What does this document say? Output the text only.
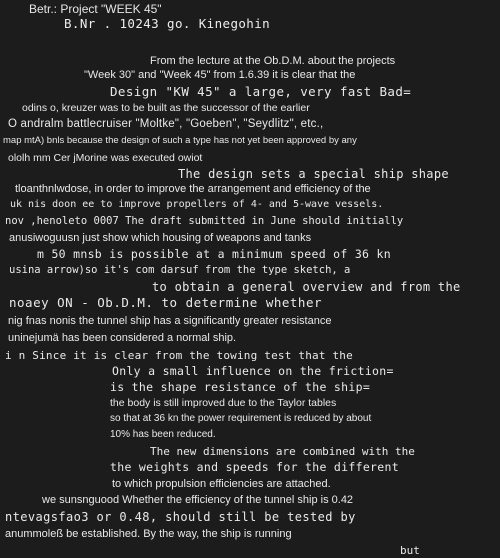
Betr.: Project "WEEK 45"
B.Nr . 10243 go. Kinegohin
From the lecture at the Ob.D.M. about the projects
"Week 30" and "Week 45" from 1.6.39 it is clear that the
Design "KW 45" a large, very fast Bad=
odins o, kreuzer was to be built as the successor of the earlier
O andralm battlecruiser "Moltke", "Goeben", "Seydlitz", etc.,
map mtA) bnls because the design of such a type has not yet been approved by any
ololh mm Cer jMorine was executed owiot
The design sets a special ship shape
tloanthnlwdose, in order to improve the arrangement and efficiency of the
uk nis doon ee to improve propellers of 4- and 5-wave vessels.
nov ,henoleto 0007 The draft submitted in June should initially
anusiwoguusn just show which housing of weapons and tanks
m 50 mnsb is possible at a minimum speed of 36 kn
usina arrow)so it's com darsuf from the type sketch, a
to obtain a general overview and from the
noaey ON - Ob.D.M. to determine whether
nig fnas nonis the tunnel ship has a significantly greater resistance
uninejumä has been considered a normal ship.
i n Since it is clear from the towing test that the
Only a small influence on the friction=
is the shape resistance of the ship=
the body is still improved due to the Taylor tables
so that at 36 kn the power requirement is reduced by about
10% has been reduced.
The new dimensions are combined with the
the weights and speeds for the different
to which propulsion efficiencies are attached.
we sunsnguood Whether the efficiency of the tunnel ship is 0.42
ntevagsfao3 or 0.48, should still be tested by
anummoleß be established. By the way, the ship is running
but
